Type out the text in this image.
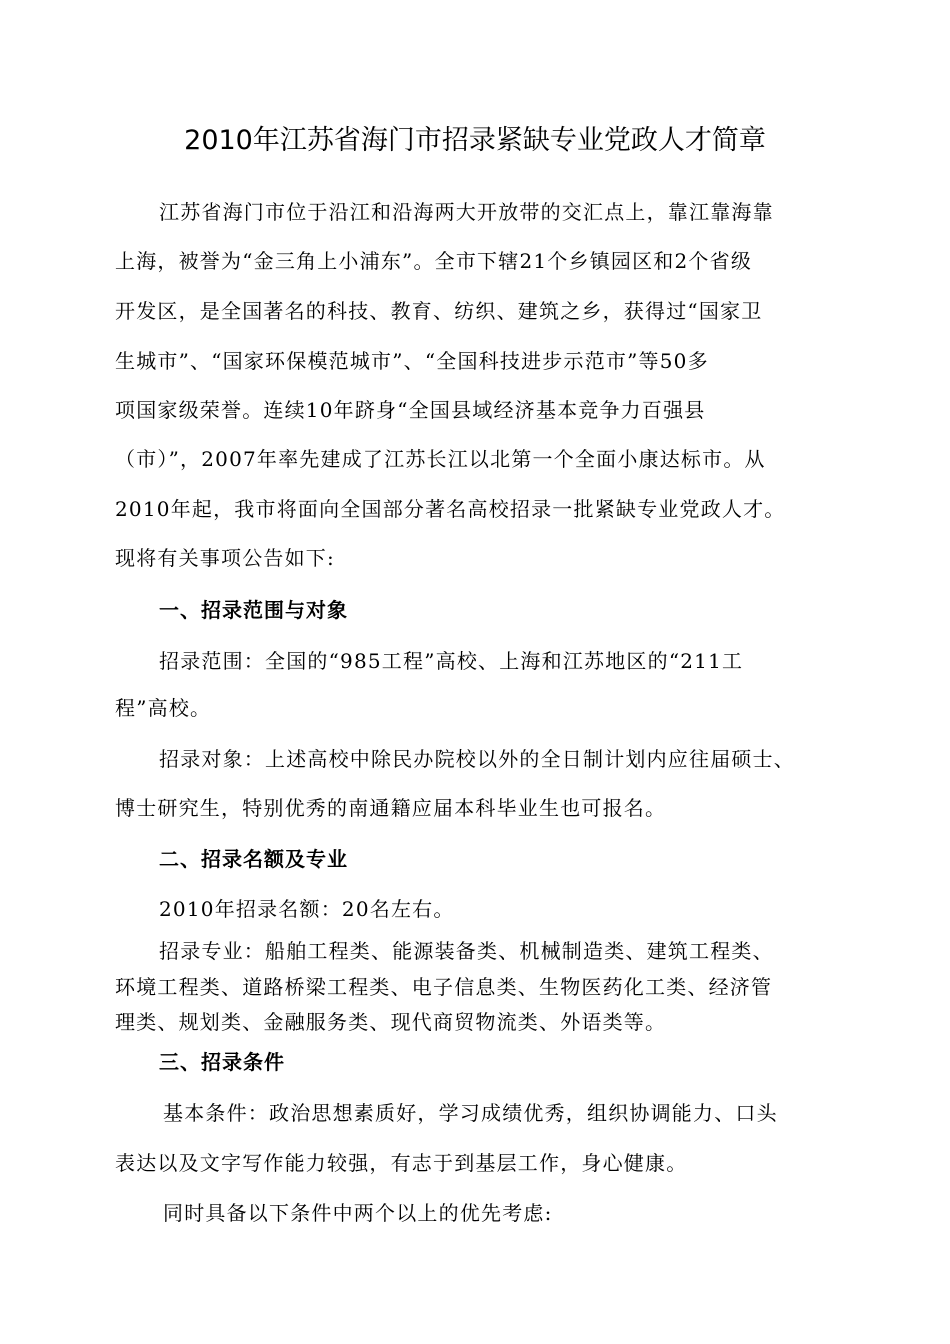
2010年江苏省海门市招录紧缺专业党政人才简章
江苏省海门市位于沿江和沿海两大开放带的交汇点上，靠江靠海靠
上海，被誉为“金三角上小浦东”。全市下辖21个乡镇园区和2个省级
开发区，是全国著名的科技、教育、纺织、建筑之乡，获得过“国家卫
生城市”、“国家环保模范城市”、“全国科技进步示范市”等50多
项国家级荣誉。连续10年跻身“全国县域经济基本竞争力百强县
（市）”，2007年率先建成了江苏长江以北第一个全面小康达标市。从
2010年起，我市将面向全国部分著名高校招录一批紧缺专业党政人才。
现将有关事项公告如下:
一、招录范围与对象
招录范围：全国的“985工程”高校、上海和江苏地区的“211工
程”高校。
招录对象：上述高校中除民办院校以外的全日制计划内应往届硕士、
博士研究生，特别优秀的南通籍应届本科毕业生也可报名。
二、招录名额及专业
2010年招录名额：20名左右。
招录专业：船舶工程类、能源装备类、机械制造类、建筑工程类、
环境工程类、道路桥梁工程类、电子信息类、生物医药化工类、经济管
理类、规划类、金融服务类、现代商贸物流类、外语类等。
三、招录条件
基本条件：政治思想素质好，学习成绩优秀，组织协调能力、口头
表达以及文字写作能力较强，有志于到基层工作，身心健康。
同时具备以下条件中两个以上的优先考虑:
